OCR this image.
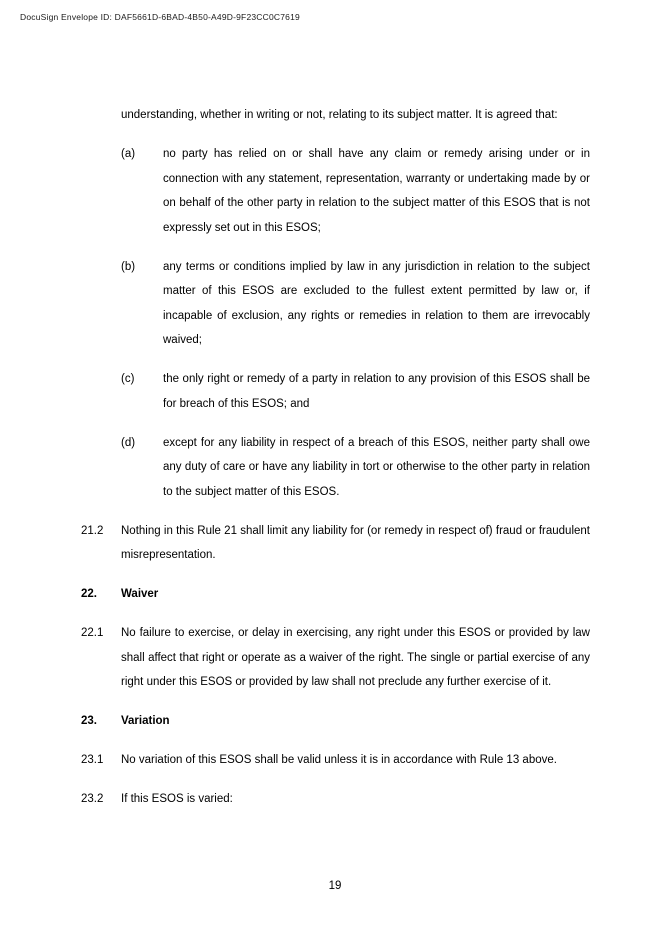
DocuSign Envelope ID: DAF5661D-6BAD-4B50-A49D-9F23CC0C7619
understanding, whether in writing or not, relating to its subject matter. It is agreed that:
(a)	no party has relied on or shall have any claim or remedy arising under or in connection with any statement, representation, warranty or undertaking made by or on behalf of the other party in relation to the subject matter of this ESOS that is not expressly set out in this ESOS;
(b)	any terms or conditions implied by law in any jurisdiction in relation to the subject matter of this ESOS are excluded to the fullest extent permitted by law or, if incapable of exclusion, any rights or remedies in relation to them are irrevocably waived;
(c)	the only right or remedy of a party in relation to any provision of this ESOS shall be for breach of this ESOS; and
(d)	except for any liability in respect of a breach of this ESOS, neither party shall owe any duty of care or have any liability in tort or otherwise to the other party in relation to the subject matter of this ESOS.
21.2	Nothing in this Rule 21 shall limit any liability for (or remedy in respect of) fraud or fraudulent misrepresentation.
22.	Waiver
22.1	No failure to exercise, or delay in exercising, any right under this ESOS or provided by law shall affect that right or operate as a waiver of the right. The single or partial exercise of any right under this ESOS or provided by law shall not preclude any further exercise of it.
23.	Variation
23.1	No variation of this ESOS shall be valid unless it is in accordance with Rule 13 above.
23.2	If this ESOS is varied:
19
